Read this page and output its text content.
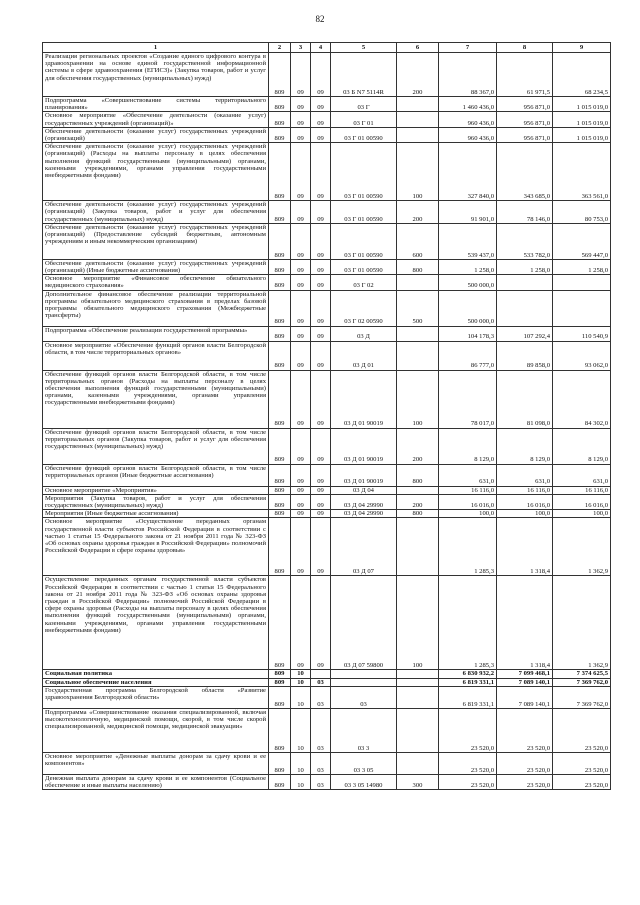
82
1	2	3	4	5	6	7	8	9
Реализация региональных проектов «Создание единого цифрового контура в здравоохранении на основе единой государственной информационной системы в сфере здравоохранения (ЕГИСЗ)» (Закупка товаров, работ и услуг для обеспечения государственных (муниципальных) нужд)	809	09	09	03 Б N7 5114R	200	88 367,0	61 971,5	68 234,5
Подпрограмма «Совершенствование системы территориального планирования»	809	09	09	03 Г		1 460 436,0	956 871,0	1 015 019,0
Основное мероприятие «Обеспечение деятельности (оказание услуг) государственных учреждений (организаций)»	809	09	09	03 Г 01		960 436,0	956 871,0	1 015 019,0
Обеспечение деятельности (оказание услуг) государственных учреждений (организаций)	809	09	09	03 Г 01 00590		960 436,0	956 871,0	1 015 019,0
Обеспечение деятельности (оказание услуг) государственных учреждений (организаций) (Расходы на выплаты персоналу в целях обеспечения выполнения функций государственными (муниципальными) органами, казенными учреждениями, органами управления государственными внебюджетными фондами)	809	09	09	03 Г 01 00590	100	327 840,0	343 685,0	363 561,0
Обеспечение деятельности (оказание услуг) государственных учреждений (организаций) (Закупка товаров, работ и услуг для обеспечения государственных (муниципальных) нужд)	809	09	09	03 Г 01 00590	200	91 901,0	78 146,0	80 753,0
Обеспечение деятельности (оказание услуг) государственных учреждений (организаций) (Предоставление субсидий бюджетным, автономным учреждениям и иным некоммерческим организациям)	809	09	09	03 Г 01 00590	600	539 437,0	533 782,0	569 447,0
Обеспечение деятельности (оказание услуг) государственных учреждений (организаций) (Иные бюджетные ассигнования)	809	09	09	03 Г 01 00590	800	1 258,0	1 258,0	1 258,0
Основное мероприятие «Финансовое обеспечение обязательного медицинского страхования»	809	09	09	03 Г 02		500 000,0		
Дополнительное финансовое обеспечение реализации территориальной программы обязательного медицинского страхования в пределах базовой программы обязательного медицинского страхования (Межбюджетные трансферты)	809	09	09	03 Г 02 00590	500	500 000,0		
Подпрограмма «Обеспечение реализации государственной программы»	809	09	09	03 Д		104 178,3	107 292,4	110 540,9
Основное мероприятие «Обеспечение функций органов власти Белгородской области, в том числе территориальных органов»	809	09	09	03 Д 01		86 777,0	89 858,0	93 062,0
Обеспечение функций органов власти Белгородской области, в том числе территориальных органов (Расходы на выплаты персоналу в целях обеспечения выполнения функций государственными (муниципальными) органами, казенными учреждениями, органами управления государственными внебюджетными фондами)	809	09	09	03 Д 01 90019	100	78 017,0	81 098,0	84 302,0
Обеспечение функций органов власти Белгородской области, в том числе территориальных органов (Закупка товаров, работ и услуг для обеспечения государственных (муниципальных) нужд)	809	09	09	03 Д 01 90019	200	8 129,0	8 129,0	8 129,0
Обеспечение функций органов власти Белгородской области, в том числе территориальных органов (Иные бюджетные ассигнования)	809	09	09	03 Д 01 90019	800	631,0	631,0	631,0
Основное мероприятие «Мероприятия»	809	09	09	03 Д 04		16 116,0	16 116,0	16 116,0
Мероприятия (Закупка товаров, работ и услуг для обеспечения государственных (муниципальных) нужд)	809	09	09	03 Д 04 29990	200	16 016,0	16 016,0	16 016,0
Мероприятия (Иные бюджетные ассигнования)	809	09	09	03 Д 04 29990	800	100,0	100,0	100,0
Основное мероприятие «Осуществление переданных органам государственной власти субъектов Российской Федерации в соответствии с частью 1 статьи 15 Федерального закона от 21 ноября 2011 года № 323-ФЗ «Об основах охраны здоровья граждан в Российской Федерации» полномочий Российской Федерации в сфере охраны здоровья»	809	09	09	03 Д 07		1 285,3	1 318,4	1 362,9
Осуществление переданных органам государственной власти субъектов Российской Федерации в соответствии с частью 1 статьи 15 Федерального закона от 21 ноября 2011 года № 323-ФЗ «Об основах охраны здоровья граждан в Российской Федерации» полномочий Российской Федерации в сфере охраны здоровья (Расходы на выплаты персоналу в целях обеспечения выполнения функций государственными (муниципальными) органами, казенными учреждениями, органами управления государственными внебюджетными фондами)	809	09	09	03 Д 07 59800	100	1 285,3	1 318,4	1 362,9
Социальная политика	809	10				6 830 932,2	7 099 468,1	7 374 625,5
Социальное обеспечение населения	809	10	03			6 819 331,1	7 089 140,1	7 369 762,0
Государственная программа Белгородской области «Развитие здравоохранения Белгородской области»	809	10	03	03		6 819 331,1	7 089 140,1	7 369 762,0
Подпрограмма «Совершенствование оказания специализированной, включая высокотехнологичную, медицинской помощи, скорой, в том числе скорой специализированной, медицинской помощи, медицинской эвакуации»	809	10	03	03 3		23 520,0	23 520,0	23 520,0
Основное мероприятие «Денежные выплаты донорам за сдачу крови и ее компонентов»	809	10	03	03 3 05		23 520,0	23 520,0	23 520,0
Денежная выплата донорам за сдачу крови и ее компонентов (Социальное обеспечение и иные выплаты населению)	809	10	03	03 3 05 14980	300	23 520,0	23 520,0	23 520,0
